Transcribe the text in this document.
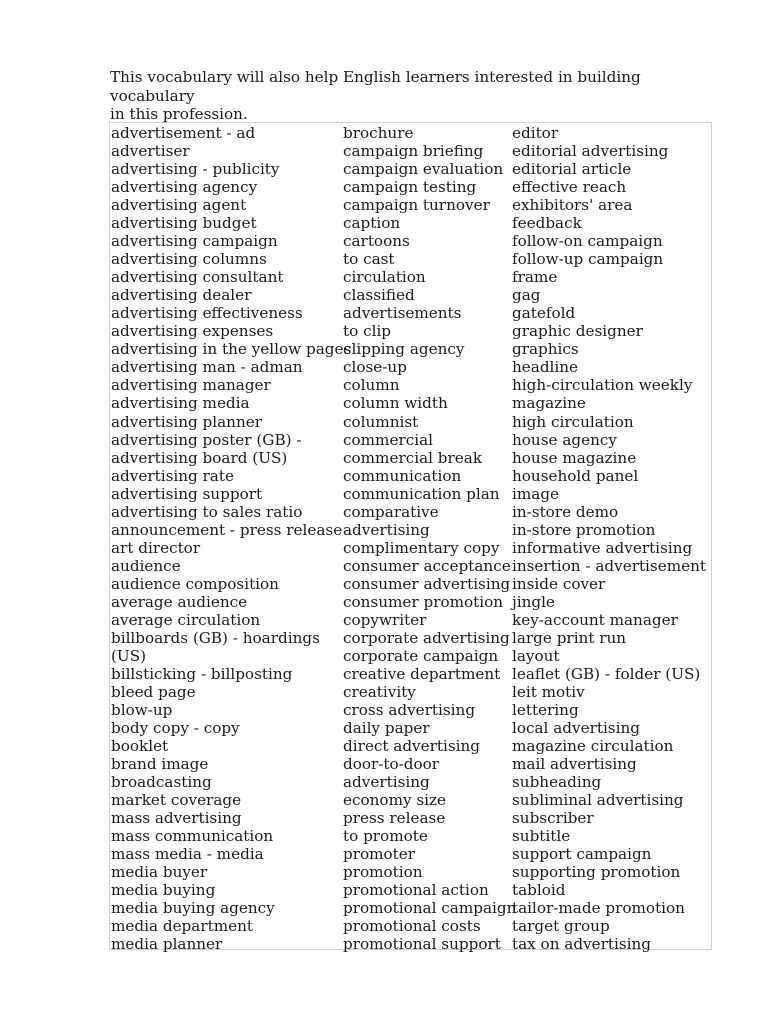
This vocabulary will also help English learners interested in building vocabulary
in this profession.
advertisement - ad
advertiser
advertising - publicity
advertising agency
advertising agent
advertising budget
advertising campaign
advertising columns
advertising consultant
advertising dealer
advertising effectiveness
advertising expenses
advertising in the yellow pages
advertising man - adman
advertising manager
advertising media
advertising planner
advertising poster (GB) -
advertising board (US)
advertising rate
advertising support
advertising to sales ratio
announcement - press release
art director
audience
audience composition
average audience
average circulation
billboards (GB) - hoardings
(US)
billsticking - billposting
bleed page
blow-up
body copy - copy
booklet
brand image
broadcasting
market coverage
mass advertising
mass communication
mass media - media
media buyer
media buying
media buying agency
media department
media planner
brochure
campaign briefing
campaign evaluation
campaign testing
campaign turnover
caption
cartoons
to cast
circulation
classified
advertisements
to clip
clipping agency
close-up
column
column width
columnist
commercial
commercial break
communication
communication plan
comparative
advertising
complimentary copy
consumer acceptance
consumer advertising
consumer promotion
copywriter
corporate advertising
corporate campaign
creative department
creativity
cross advertising
daily paper
direct advertising
door-to-door
advertising
economy size
press release
to promote
promoter
promotion
promotional action
promotional campaign
promotional costs
promotional support
editor
editorial advertising
editorial article
effective reach
exhibitors' area
feedback
follow-on campaign
follow-up campaign
frame
gag
gatefold
graphic designer
graphics
headline
high-circulation weekly
magazine
high circulation
house agency
house magazine
household panel
image
in-store demo
in-store promotion
informative advertising
insertion - advertisement
inside cover
jingle
key-account manager
large print run
layout
leaflet (GB) - folder (US)
leit motiv
lettering
local advertising
magazine circulation
mail advertising
subheading
subliminal advertising
subscriber
subtitle
support campaign
supporting promotion
tabloid
tailor-made promotion
target group
tax on advertising
